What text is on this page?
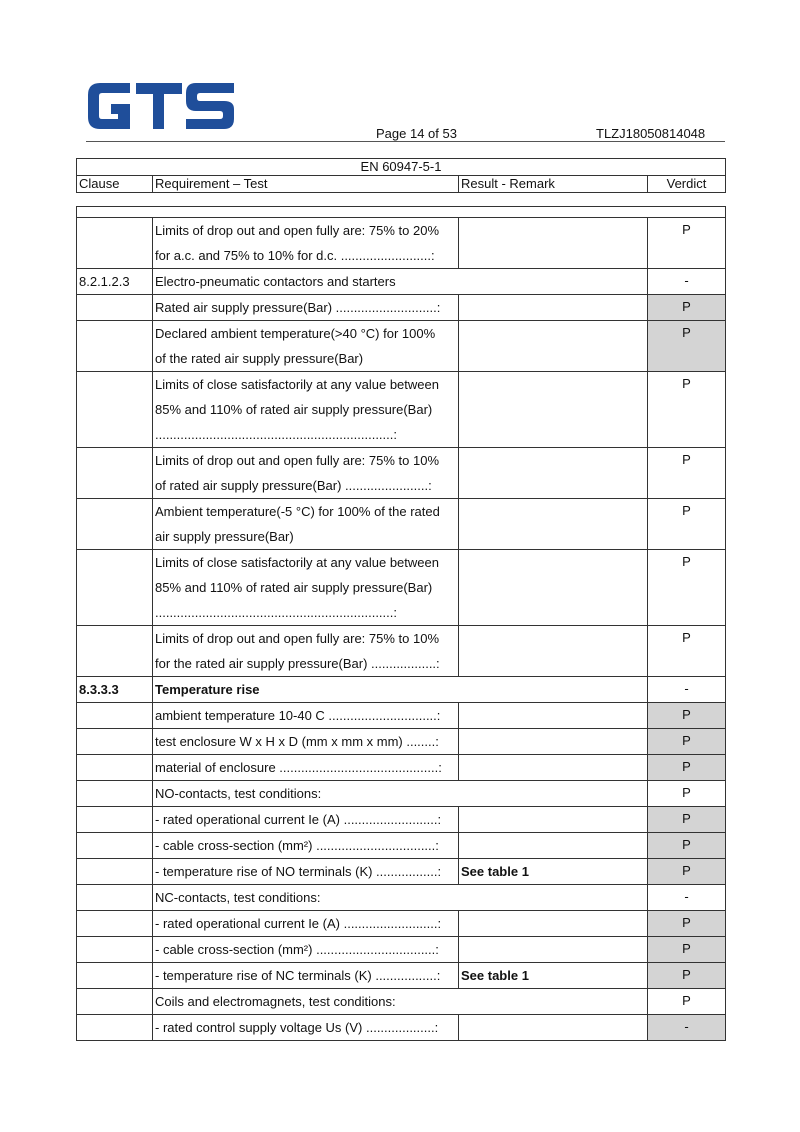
Page 14 of 53	TLZJ18050814048
EN 60947-5-1
Clause	Requirement – Test	Result - Remark	Verdict

	Limits of drop out and open fully are: 75% to 20%
for a.c. and 75% to 10% for d.c. .........................:		P
8.2.1.2.3	Electro-pneumatic contactors and starters		-

	Rated air supply pressure(Bar) ............................:		P

	Declared ambient temperature(>40 °C) for 100%
of the rated air supply pressure(Bar)		P

	Limits of close satisfactorily at any value between
85% and 110% of rated air supply pressure(Bar)
..................................................................:		P

	Limits of drop out and open fully are: 75% to 10%
of rated air supply pressure(Bar) .......................:		P

	Ambient temperature(-5 °C) for 100% of the rated
air supply pressure(Bar)		P

	Limits of close satisfactorily at any value between
85% and 110% of rated air supply pressure(Bar)
..................................................................:		P

	Limits of drop out and open fully are: 75% to 10%
for the rated air supply pressure(Bar) ..................:		P
8.3.3.3	Temperature rise		-

	ambient temperature 10-40 C ..............................:		P

	test enclosure W x H x D (mm x mm x mm) ........:		P

	material of enclosure ............................................:		P

	NO-contacts, test conditions:		P

	- rated operational current Ie (A) ..........................:		P

	- cable cross-section (mm²) .................................:		P

	- temperature rise of NO terminals (K) .................:	See table 1	P

	NC-contacts, test conditions:		-

	- rated operational current Ie (A) ..........................:		P

	- cable cross-section (mm²) .................................:		P

	- temperature rise of NC terminals (K) .................:	See table 1	P

	Coils and electromagnets, test conditions:		P

	- rated control supply voltage Us (V) ...................:		-
